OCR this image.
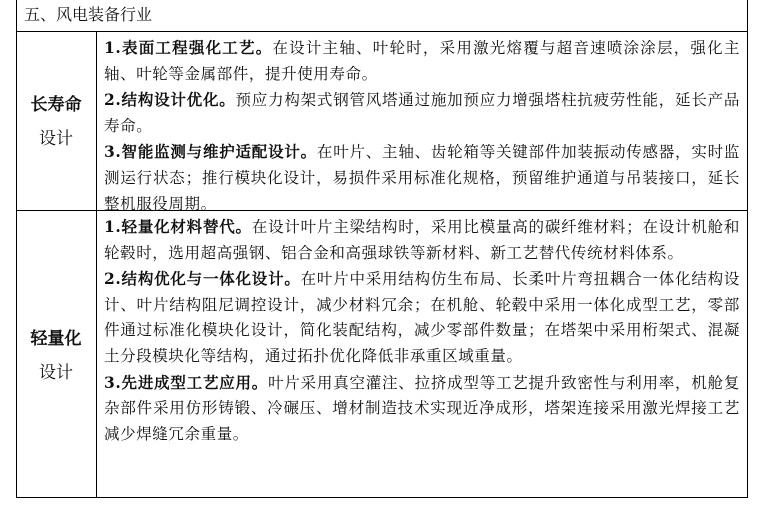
五、风电装备行业
长寿命
设计

1.表面工程强化工艺。在设计主轴、叶轮时，采用激光熔覆与超音速喷涂涂层，强化主轴、叶轮等金属部件，提升使用寿命。

2.结构设计优化。预应力构架式钢管风塔通过施加预应力增强塔柱抗疲劳性能，延长产品寿命。

3.智能监测与维护适配设计。在叶片、主轴、齿轮箱等关键部件加装振动传感器，实时监测运行状态；推行模块化设计，易损件采用标准化规格，预留维护通道与吊装接口，延长整机服役周期。

轻量化
设计

1.轻量化材料替代。在设计叶片主梁结构时，采用比模量高的碳纤维材料；在设计机舱和轮毂时，选用超高强钢、铝合金和高强球铁等新材料、新工艺替代传统材料体系。

2.结构优化与一体化设计。在叶片中采用结构仿生布局、长柔叶片弯扭耦合一体化结构设计、叶片结构阻尼调控设计，减少材料冗余；在机舱、轮毂中采用一体化成型工艺，零部件通过标准化模块化设计，简化装配结构，减少零部件数量；在塔架中采用桁架式、混凝土分段模块化等结构，通过拓扑优化降低非承重区域重量。

3.先进成型工艺应用。叶片采用真空灌注、拉挤成型等工艺提升致密性与利用率，机舱复杂部件采用仿形铸锻、冷碾压、增材制造技术实现近净成形，塔架连接采用激光焊接工艺减少焊缝冗余重量。
